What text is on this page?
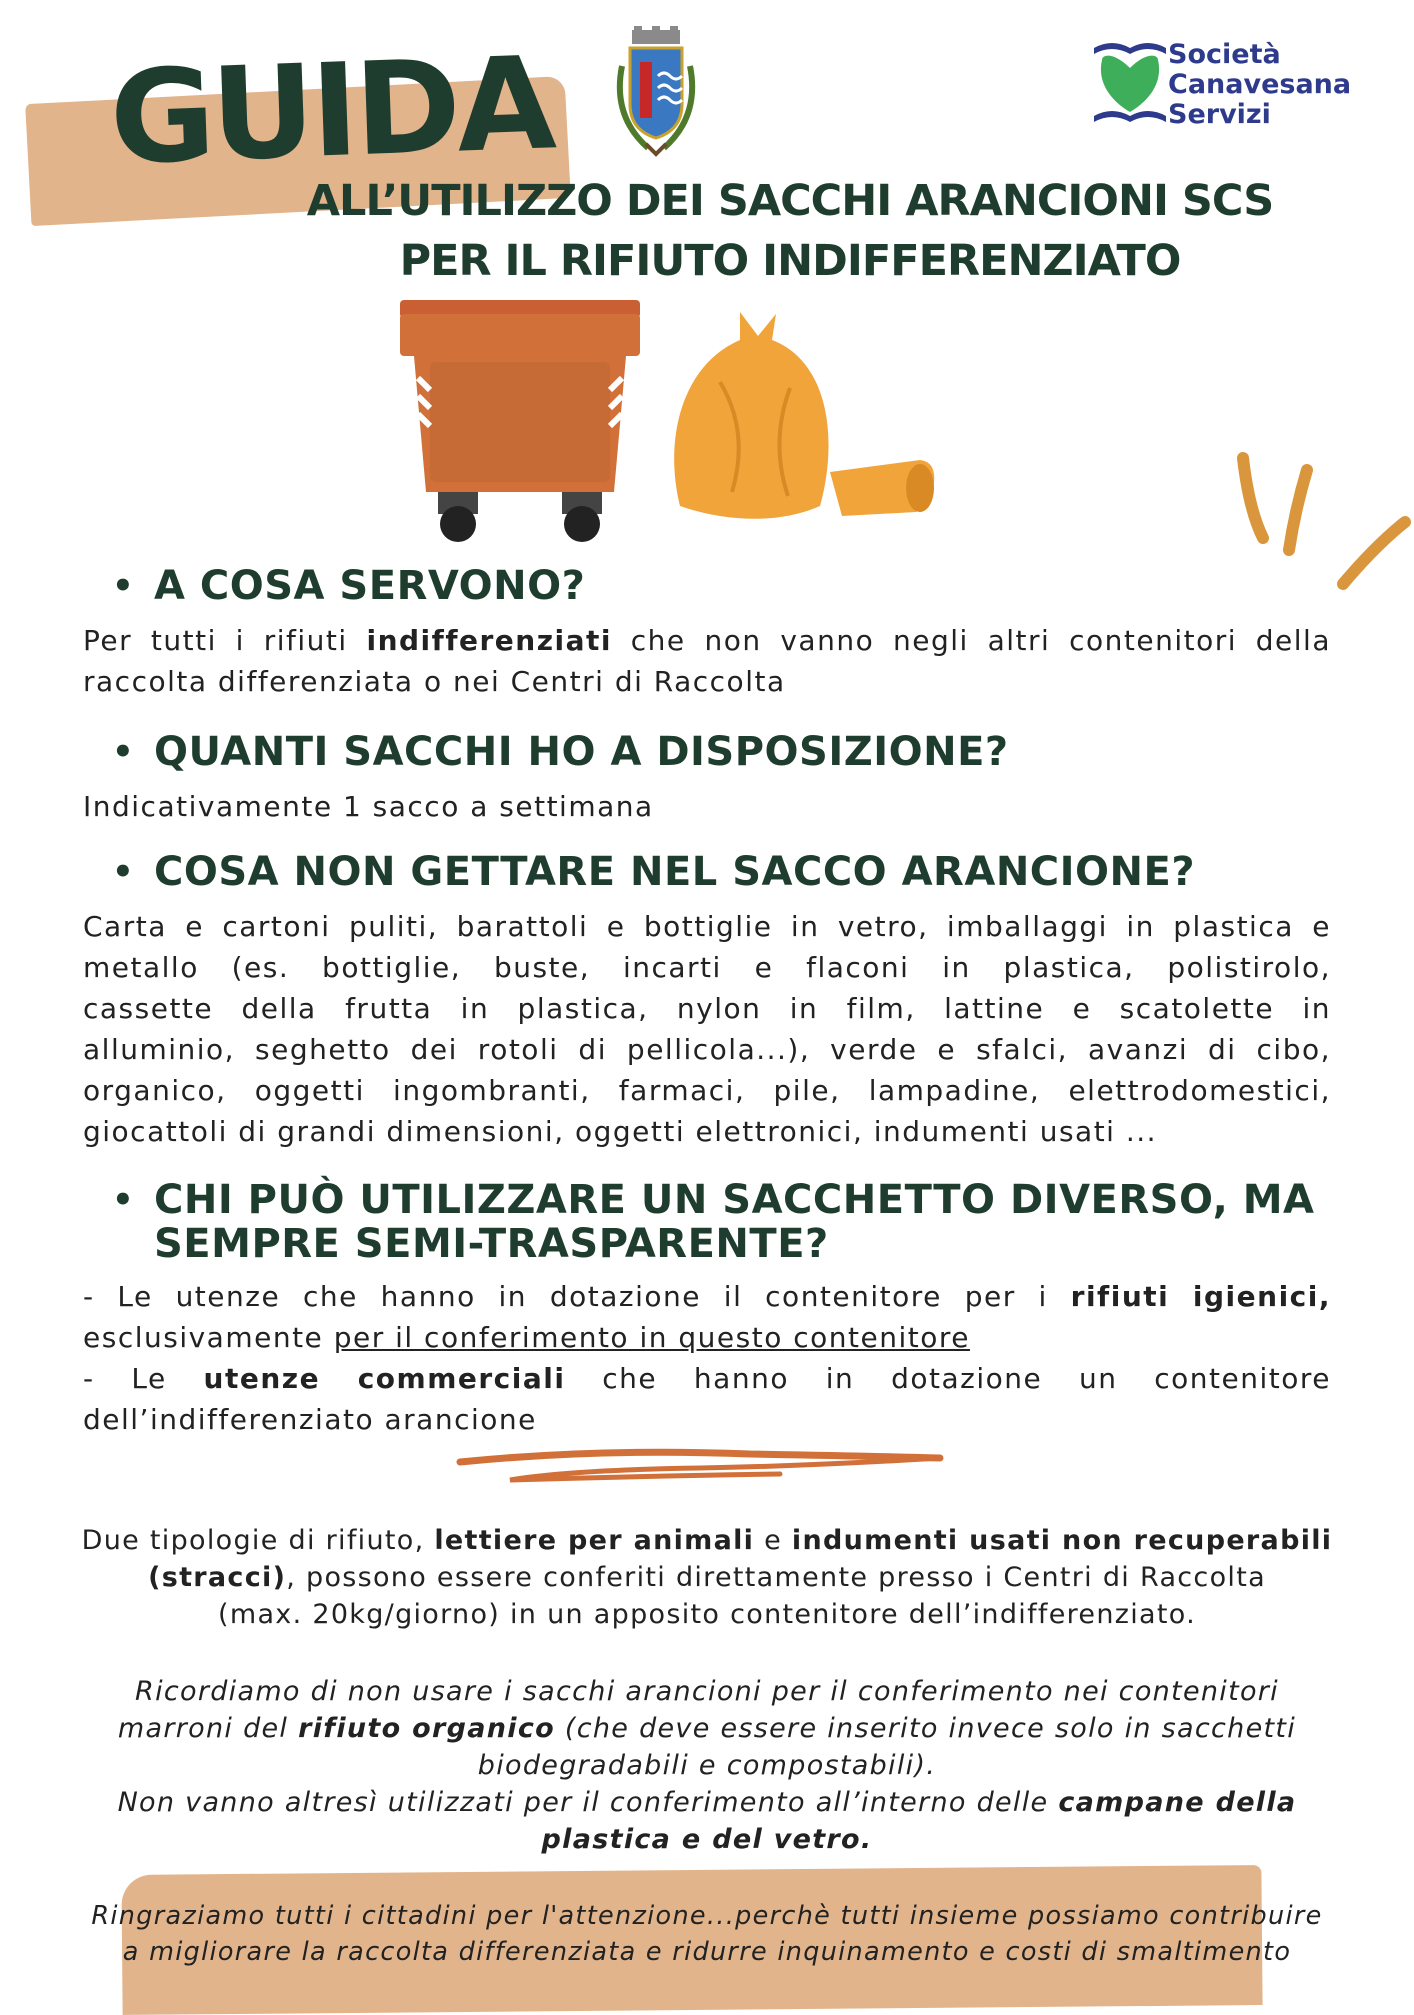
GUIDA	Società
Canavesana
Servizi
ALL’UTILIZZO DEI SACCHI ARANCIONI SCS
PER IL RIFIUTO INDIFFERENZIATO
• A COSA SERVONO?
Per tutti i rifiuti indifferenziati che non vanno negli altri contenitori della
raccolta differenziata o nei Centri di Raccolta
• QUANTI SACCHI HO A DISPOSIZIONE?
Indicativamente 1 sacco a settimana
• COSA NON GETTARE NEL SACCO ARANCIONE?
Carta e cartoni puliti, barattoli e bottiglie in vetro, imballaggi in plastica e
metallo (es. bottiglie, buste, incarti e flaconi in plastica, polistirolo,
cassette della frutta in plastica, nylon in film, lattine e scatolette in
alluminio, seghetto dei rotoli di pellicola...), verde e sfalci, avanzi di cibo,
organico, oggetti ingombranti, farmaci, pile, lampadine, elettrodomestici,
giocattoli di grandi dimensioni, oggetti elettronici, indumenti usati ...
• CHI PUÒ UTILIZZARE UN SACCHETTO DIVERSO, MA
SEMPRE SEMI-TRASPARENTE?
- Le utenze che hanno in dotazione il contenitore per i rifiuti igienici,
esclusivamente per il conferimento in questo contenitore
- Le utenze commerciali che hanno in dotazione un contenitore
dell’indifferenziato arancione
Due tipologie di rifiuto, lettiere per animali e indumenti usati non recuperabili
(stracci), possono essere conferiti direttamente presso i Centri di Raccolta
(max. 20kg/giorno) in un apposito contenitore dell’indifferenziato.
Ricordiamo di non usare i sacchi arancioni per il conferimento nei contenitori
marroni del rifiuto organico (che deve essere inserito invece solo in sacchetti
biodegradabili e compostabili).
Non vanno altresì utilizzati per il conferimento all’interno delle campane della
plastica e del vetro.
Ringraziamo tutti i cittadini per l'attenzione...perchè tutti insieme possiamo contribuire
a migliorare la raccolta differenziata e ridurre inquinamento e costi di smaltimento
